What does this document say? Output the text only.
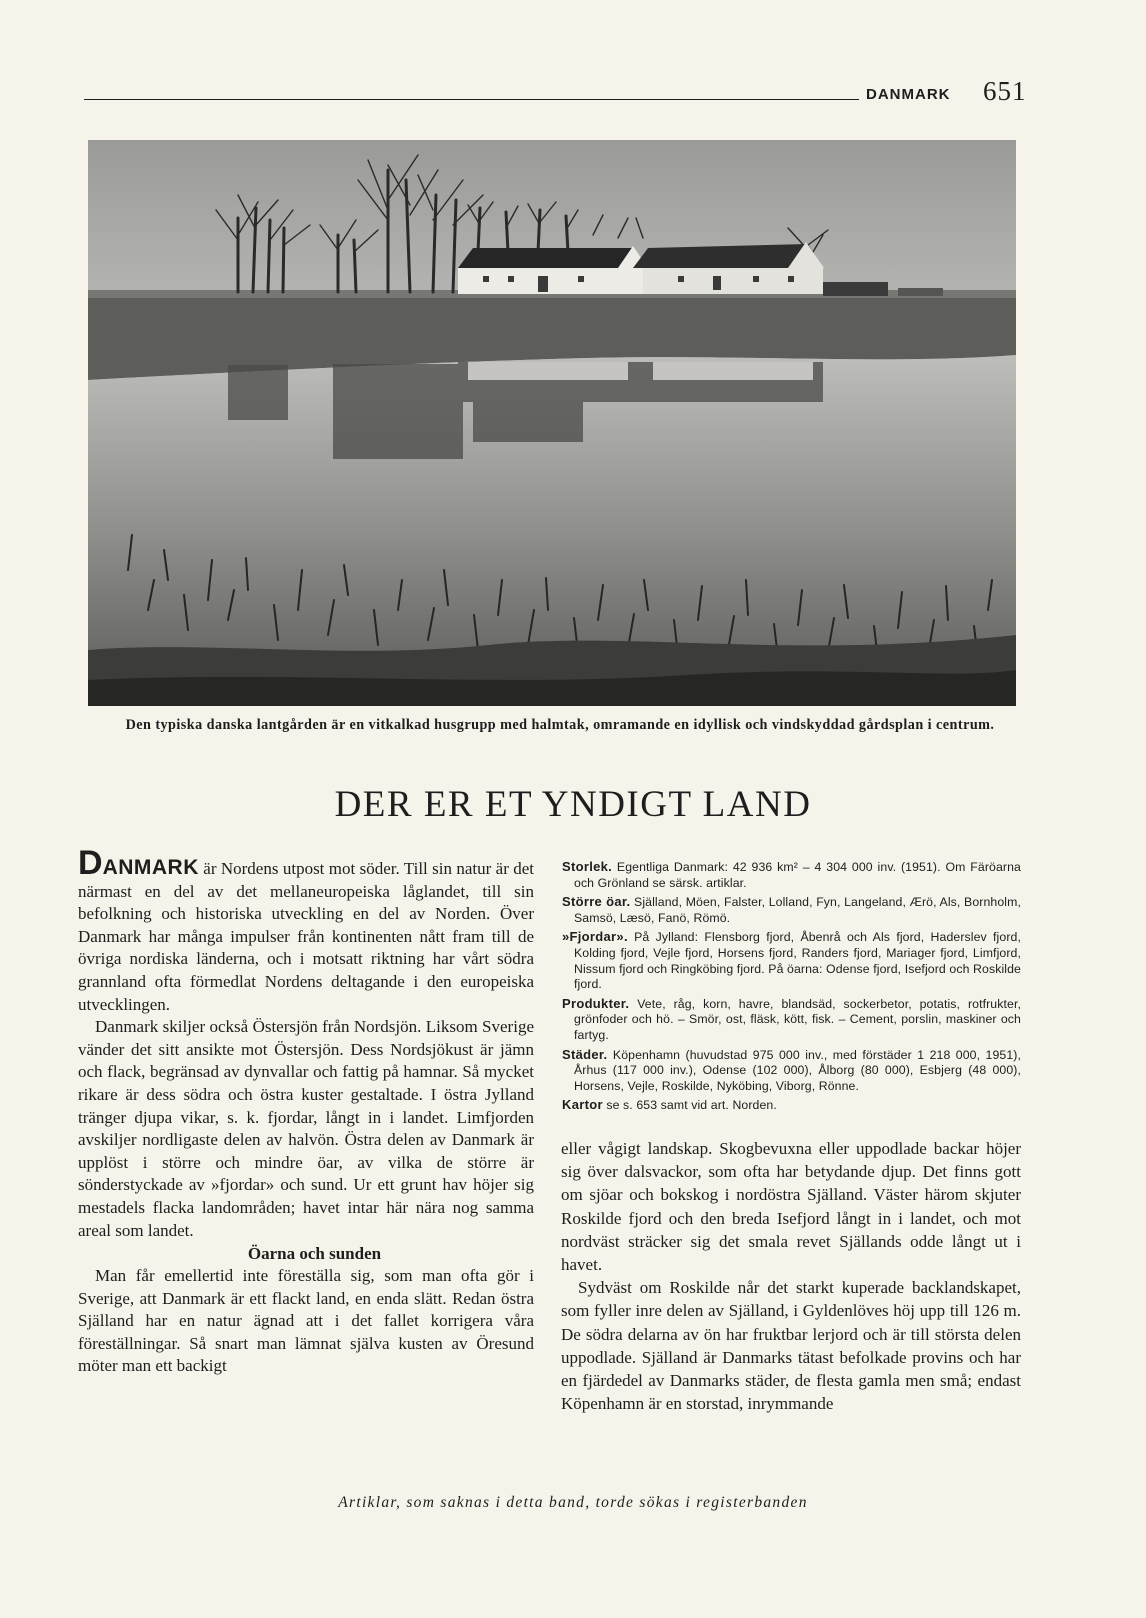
DANMARK 651
Den typiska danska lantgården är en vitkalkad husgrupp med halmtak, omramande en idyllisk och vindskyddad gårdsplan i centrum.
DER ER ET YNDIGT LAND

DANMARK är Nordens utpost mot söder. Till sin natur är det närmast en del av det mellaneuropeiska låglandet, till sin befolkning och historiska utveckling en del av Norden. Över Danmark har många impulser från kontinenten nått fram till de övriga nordiska länderna, och i motsatt riktning har vårt södra grannland ofta förmedlat Nordens deltagande i den europeiska utvecklingen.

Danmark skiljer också Östersjön från Nordsjön. Liksom Sverige vänder det sitt ansikte mot Östersjön. Dess Nordsjökust är jämn och flack, begränsad av dynvallar och fattig på hamnar. Så mycket rikare är dess södra och östra kuster gestaltade. I östra Jylland tränger djupa vikar, s. k. fjordar, långt in i landet. Limfjorden avskiljer nordligaste delen av halvön. Östra delen av Danmark är upplöst i större och mindre öar, av vilka de större är sönderstyckade av »fjordar» och sund. Ur ett grunt hav höjer sig mestadels flacka landområden; havet intar här nära nog samma areal som landet.

Öarna och sunden

Man får emellertid inte föreställa sig, som man ofta gör i Sverige, att Danmark är ett flackt land, en enda slätt. Redan östra Själland har en natur ägnad att i det fallet korrigera våra föreställningar. Så snart man lämnat själva kusten av Öresund möter man ett backigt

Storlek. Egentliga Danmark: 42 936 km² – 4 304 000 inv. (1951). Om Färöarna och Grönland se särsk. artiklar.

Större öar. Själland, Möen, Falster, Lolland, Fyn, Langeland, Ærö, Als, Bornholm, Samsö, Læsö, Fanö, Römö.

»Fjordar». På Jylland: Flensborg fjord, Åbenrå och Als fjord, Haderslev fjord, Kolding fjord, Vejle fjord, Horsens fjord, Randers fjord, Mariager fjord, Limfjord, Nissum fjord och Ringköbing fjord. På öarna: Odense fjord, Isefjord och Roskilde fjord.

Produkter. Vete, råg, korn, havre, blandsäd, sockerbetor, potatis, rotfrukter, grönfoder och hö. – Smör, ost, fläsk, kött, fisk. – Cement, porslin, maskiner och fartyg.

Städer. Köpenhamn (huvudstad 975 000 inv., med förstäder 1 218 000, 1951), Århus (117 000 inv.), Odense (102 000), Ålborg (80 000), Esbjerg (48 000), Horsens, Vejle, Roskilde, Nyköbing, Viborg, Rönne.

Kartor se s. 653 samt vid art. Norden.

eller vågigt landskap. Skogbevuxna eller uppodlade backar höjer sig över dalsvackor, som ofta har betydande djup. Det finns gott om sjöar och bokskog i nordöstra Själland. Väster härom skjuter Roskilde fjord och den breda Isefjord långt in i landet, och mot nordväst sträcker sig det smala revet Själlands odde långt ut i havet.

Sydväst om Roskilde når det starkt kuperade backlandskapet, som fyller inre delen av Själland, i Gyldenlöves höj upp till 126 m. De södra delarna av ön har fruktbar lerjord och är till största delen uppodlade. Själland är Danmarks tätast befolkade provins och har en fjärdedel av Danmarks städer, de flesta gamla men små; endast Köpenhamn är en storstad, inrymmande

Artiklar, som saknas i detta band, torde sökas i registerbanden
